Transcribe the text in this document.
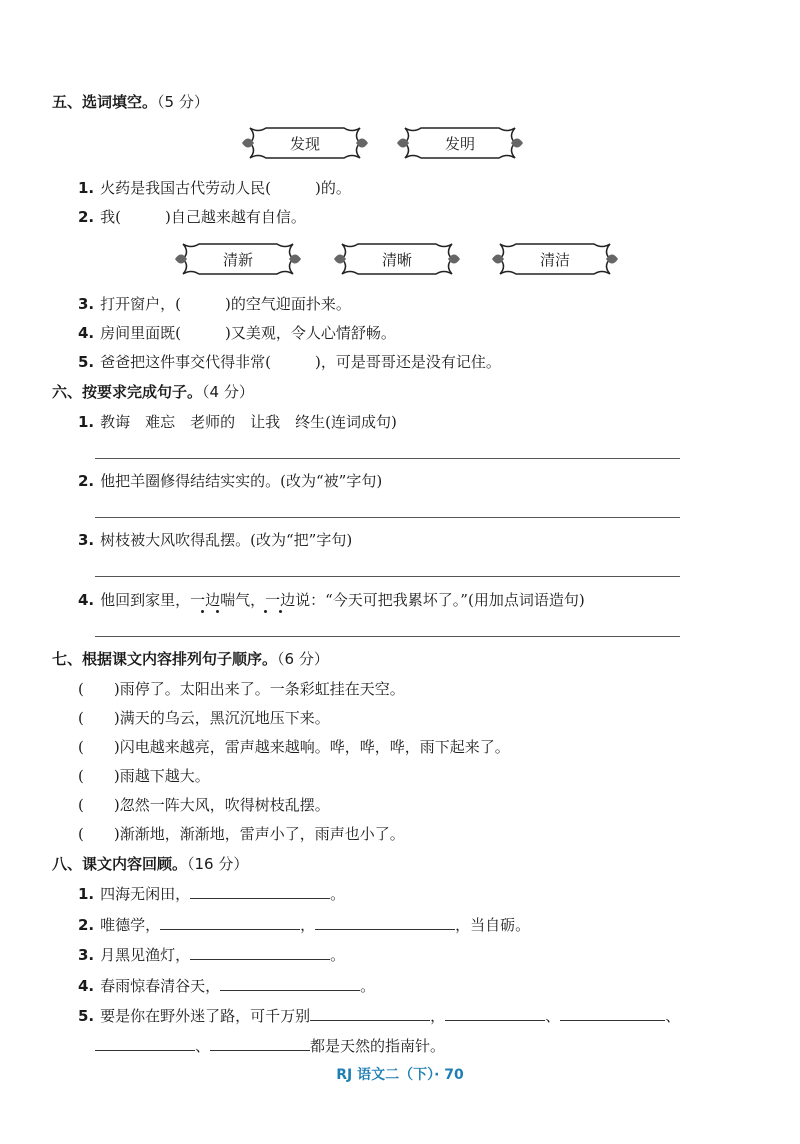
五、选词填空。（5 分）
发现	发明
1. 火药是我国古代劳动人民(	)的。
2. 我(	)自己越来越有自信。
清新	清晰	清洁
3. 打开窗户，(	)的空气迎面扑来。
4. 房间里面既(	)又美观，令人心情舒畅。
5. 爸爸把这件事交代得非常(	)，可是哥哥还是没有记住。
六、按要求完成句子。（4 分）
1. 教诲　难忘　老师的　让我　终生(连词成句)
2. 他把羊圈修得结结实实的。(改为“被”字句)
3. 树枝被大风吹得乱摆。(改为“把”字句)
4. 他回到家里，一边喘气，一边说：“今天可把我累坏了。”(用加点词语造句)
七、根据课文内容排列句子顺序。（6 分）
( )雨停了。太阳出来了。一条彩虹挂在天空。
( )满天的乌云，黑沉沉地压下来。
( )闪电越来越亮，雷声越来越响。哗，哗，哗，雨下起来了。
( )雨越下越大。
( )忽然一阵大风，吹得树枝乱摆。
( )渐渐地，渐渐地，雷声小了，雨声也小了。
八、课文内容回顾。（16 分）
1. 四海无闲田，	。
2. 唯德学，	，	，当自砺。
3. 月黑见渔灯，	。
4. 春雨惊春清谷天，	。
5. 要是你在野外迷了路，可千万别	，	、	、
、	都是天然的指南针。
RJ 语文二（下）· 70
